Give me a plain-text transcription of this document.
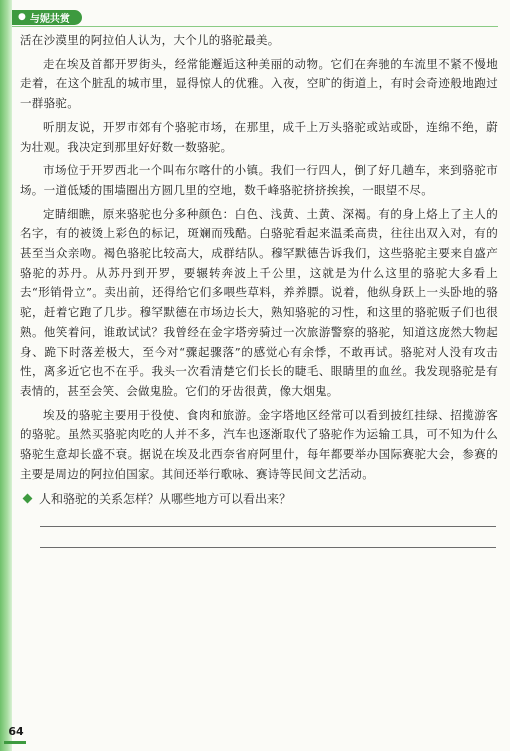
● 与妮共赏

活在沙漠里的阿拉伯人认为，大个儿的骆驼最美。

走在埃及首都开罗街头，经常能邂逅这种美丽的动物。它们在奔驰的车流里不紧不慢地走着，在这个脏乱的城市里，显得惊人的优雅。入夜，空旷的街道上，有时会奇迹般地跑过一群骆驼。

听朋友说，开罗市郊有个骆驼市场，在那里，成千上万头骆驼或站或卧，连绵不绝，蔚为壮观。我决定到那里好好数一数骆驼。

市场位于开罗西北一个叫布尔喀什的小镇。我们一行四人，倒了好几趟车，来到骆驼市场。一道低矮的围墙圈出方圆几里的空地，数千峰骆驼挤挤挨挨，一眼望不尽。

定睛细瞧，原来骆驼也分多种颜色：白色、浅黄、土黄、深褐。有的身上烙上了主人的名字，有的被烫上彩色的标记，斑斓而残酷。白骆驼看起来温柔高贵，往往出双入对，有的甚至当众亲吻。褐色骆驼比较高大，成群结队。穆罕默德告诉我们，这些骆驼主要来自盛产骆驼的苏丹。从苏丹到开罗，要辗转奔波上千公里，这就是为什么这里的骆驼大多看上去“形销骨立”。卖出前，还得给它们多喂些草料，养养膘。说着，他纵身跃上一头卧地的骆驼，赶着它跑了几步。穆罕默德在市场边长大，熟知骆驼的习性，和这里的骆驼贩子们也很熟。他笑着问，谁敢试试？我曾经在金字塔旁骑过一次旅游警察的骆驼，知道这庞然大物起身、跪下时落差极大，至今对“骤起骤落”的感觉心有余悸，不敢再试。骆驼对人没有攻击性，离多近它也不在乎。我头一次看清楚它们长长的睫毛、眼睛里的血丝。我发现骆驼是有表情的，甚至会笑、会做鬼脸。它们的牙齿很黄，像大烟鬼。

埃及的骆驼主要用于役使、食肉和旅游。金字塔地区经常可以看到披红挂绿、招揽游客的骆驼。虽然买骆驼肉吃的人并不多，汽车也逐渐取代了骆驼作为运输工具，可不知为什么骆驼生意却长盛不衰。据说在埃及北西奈省府阿里什，每年都要举办国际赛驼大会，参赛的主要是周边的阿拉伯国家。其间还举行歌咏、赛诗等民间文艺活动。

人和骆驼的关系怎样？从哪些地方可以看出来？
64
